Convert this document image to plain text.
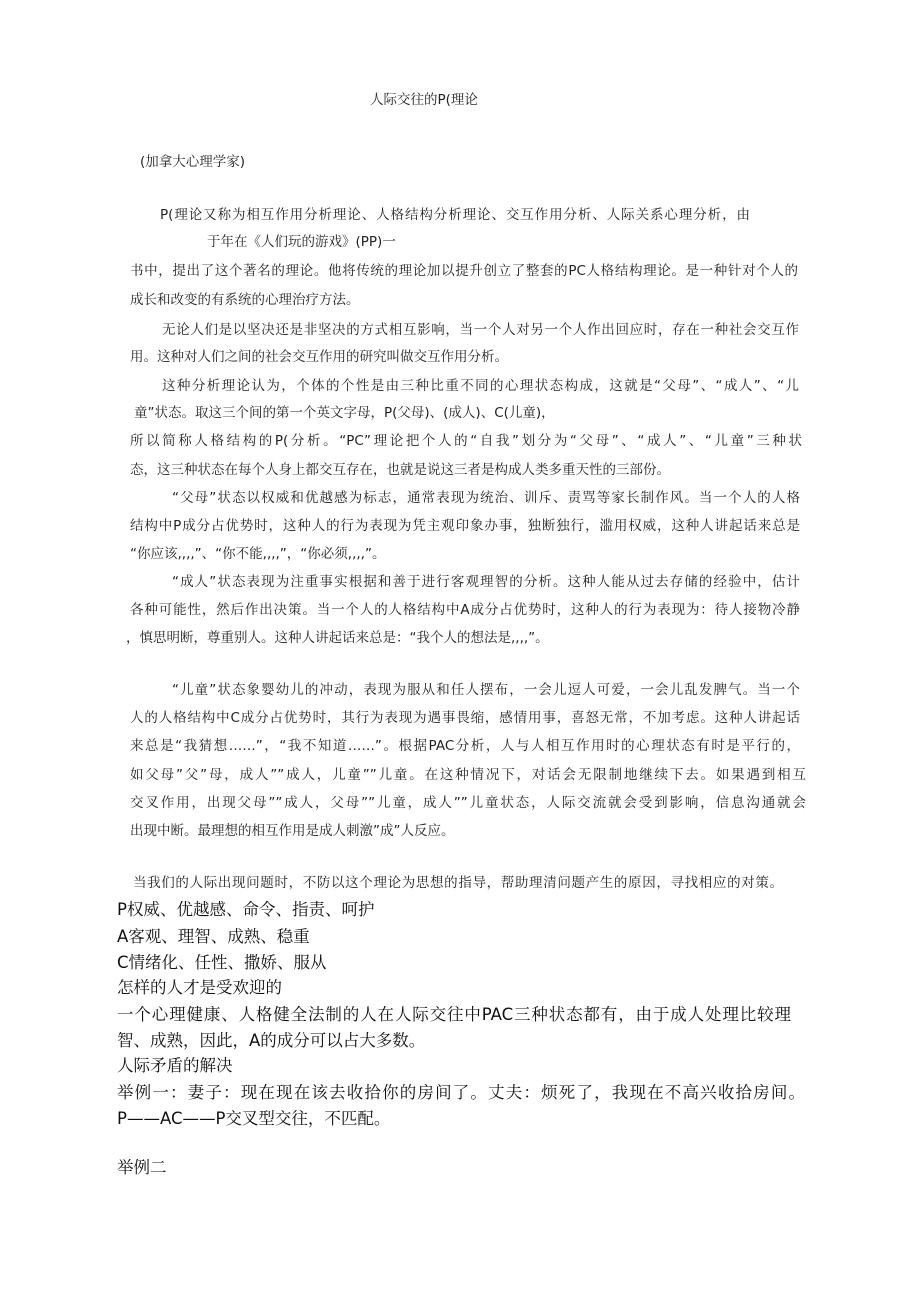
人际交往的P(理论
(加拿大心理学家)
P(理论又称为相互作用分析理论、人格结构分析理论、交互作用分析、人际关系心理分析，由
于年在《人们玩的游戏》(PP)一
书中，提出了这个著名的理论。他将传统的理论加以提升创立了整套的PC人格结构理论。是一种针对个人的
成长和改变的有系统的心理治疗方法。
无论人们是以坚决还是非坚决的方式相互影响，当一个人对另一个人作出回应时，存在一种社会交互作
用。这种对人们之间的社会交互作用的研究叫做交互作用分析。
这种分析理论认为，个体的个性是由三种比重不同的心理状态构成，这就是“父母”、“成人”、“儿
童”状态。取这三个间的第一个英文字母，P(父母)、(成人)、C(儿童)，
所以简称人格结构的P(分析。“PC”理论把个人的“自我”划分为“父母”、“成人”、“儿童”三种状
态，这三种状态在每个人身上都交互存在，也就是说这三者是构成人类多重天性的三部份。
“父母”状态以权威和优越感为标志，通常表现为统治、训斥、责骂等家长制作风。当一个人的人格
结构中P成分占优势时，这种人的行为表现为凭主观印象办事，独断独行，滥用权威，这种人讲起话来总是
“你应该,,,,”、“你不能,,,,”，“你必须,,,,”。
“成人”状态表现为注重事实根据和善于进行客观理智的分析。这种人能从过去存储的经验中，估计
各种可能性，然后作出决策。当一个人的人格结构中A成分占优势时，这种人的行为表现为：待人接物冷静
，慎思明断，尊重别人。这种人讲起话来总是：“我个人的想法是,,,,”。
“儿童”状态象婴幼儿的冲动，表现为服从和任人摆布，一会儿逗人可爱，一会儿乱发脾气。当一个
人的人格结构中C成分占优势时，其行为表现为遇事畏缩，感情用事，喜怒无常，不加考虑。这种人讲起话
来总是“我猜想……”，“我不知道……”。根据PAC分析，人与人相互作用时的心理状态有时是平行的，
如父母”父”母，成人””成人，儿童””儿童。在这种情况下，对话会无限制地继续下去。如果遇到相互
交叉作用，出现父母””成人，父母””儿童，成人””儿童状态，人际交流就会受到影响，信息沟通就会
出现中断。最理想的相互作用是成人刺激”成”人反应。
当我们的人际出现问题时，不防以这个理论为思想的指导，帮助理清问题产生的原因，寻找相应的对策。
P权威、优越感、命令、指责、呵护
A客观、理智、成熟、稳重
C情绪化、任性、撒娇、服从
怎样的人才是受欢迎的
一个心理健康、人格健全法制的人在人际交往中PAC三种状态都有，由于成人处理比较理
智、成熟，因此，A的成分可以占大多数。
人际矛盾的解决
举例一：妻子：现在现在该去收拾你的房间了。丈夫：烦死了，我现在不高兴收拾房间。
P——AC——P交叉型交往，不匹配。
举例二
